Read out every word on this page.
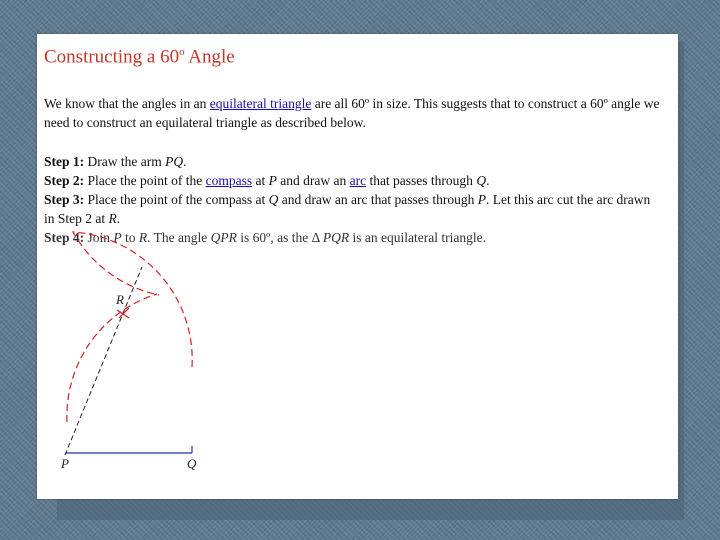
Constructing a 60$^o$ Angle

We know that the angles in an equilateral triangle are all 60º in size. This suggests that to construct a 60º angle we need to construct an equilateral triangle as described below.

Step 1: Draw the arm PQ.
Step 2: Place the point of the compass at P and draw an arc that passes through Q.
Step 3: Place the point of the compass at Q and draw an arc that passes through P. Let this arc cut the arc drawn in Step 2 at R.
Step 4: Join P to R. The angle QPR is 60º, as the Δ PQR is an equilateral triangle.
R
P	Q
